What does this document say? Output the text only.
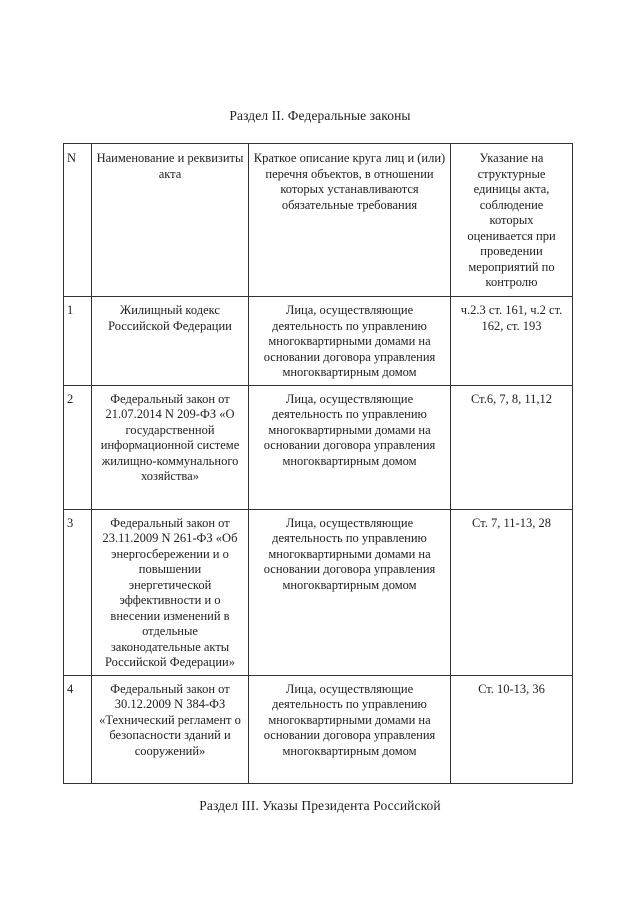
Раздел II. Федеральные законы
N	Наименование и реквизиты акта	Краткое описание круга лиц и (или) перечня объектов, в отношении которых устанавливаются обязательные требования	Указание на структурные единицы акта, соблюдение которых оценивается при проведении мероприятий по контролю
1	Жилищный кодекс Российской Федерации	Лица, осуществляющие деятельность по управлению многоквартирными домами на основании договора управления многоквартирным домом	ч.2.3 ст. 161, ч.2 ст. 162, ст. 193
2	Федеральный закон от 21.07.2014 N 209-ФЗ «О государственной информационной системе жилищно-коммунального хозяйства»	Лица, осуществляющие деятельность по управлению многоквартирными домами на основании договора управления многоквартирным домом	Ст.6, 7, 8, 11,12
3	Федеральный закон от 23.11.2009 N 261-ФЗ «Об энергосбережении и о повышении энергетической эффективности и о внесении изменений в отдельные законодательные акты Российской Федерации»	Лица, осуществляющие деятельность по управлению многоквартирными домами на основании договора управления многоквартирным домом	Ст. 7, 11-13, 28
4	Федеральный закон от 30.12.2009 N 384-ФЗ «Технический регламент о безопасности зданий и сооружений»	Лица, осуществляющие деятельность по управлению многоквартирными домами на основании договора управления многоквартирным домом	Ст. 10-13, 36
Раздел III. Указы Президента Российской
